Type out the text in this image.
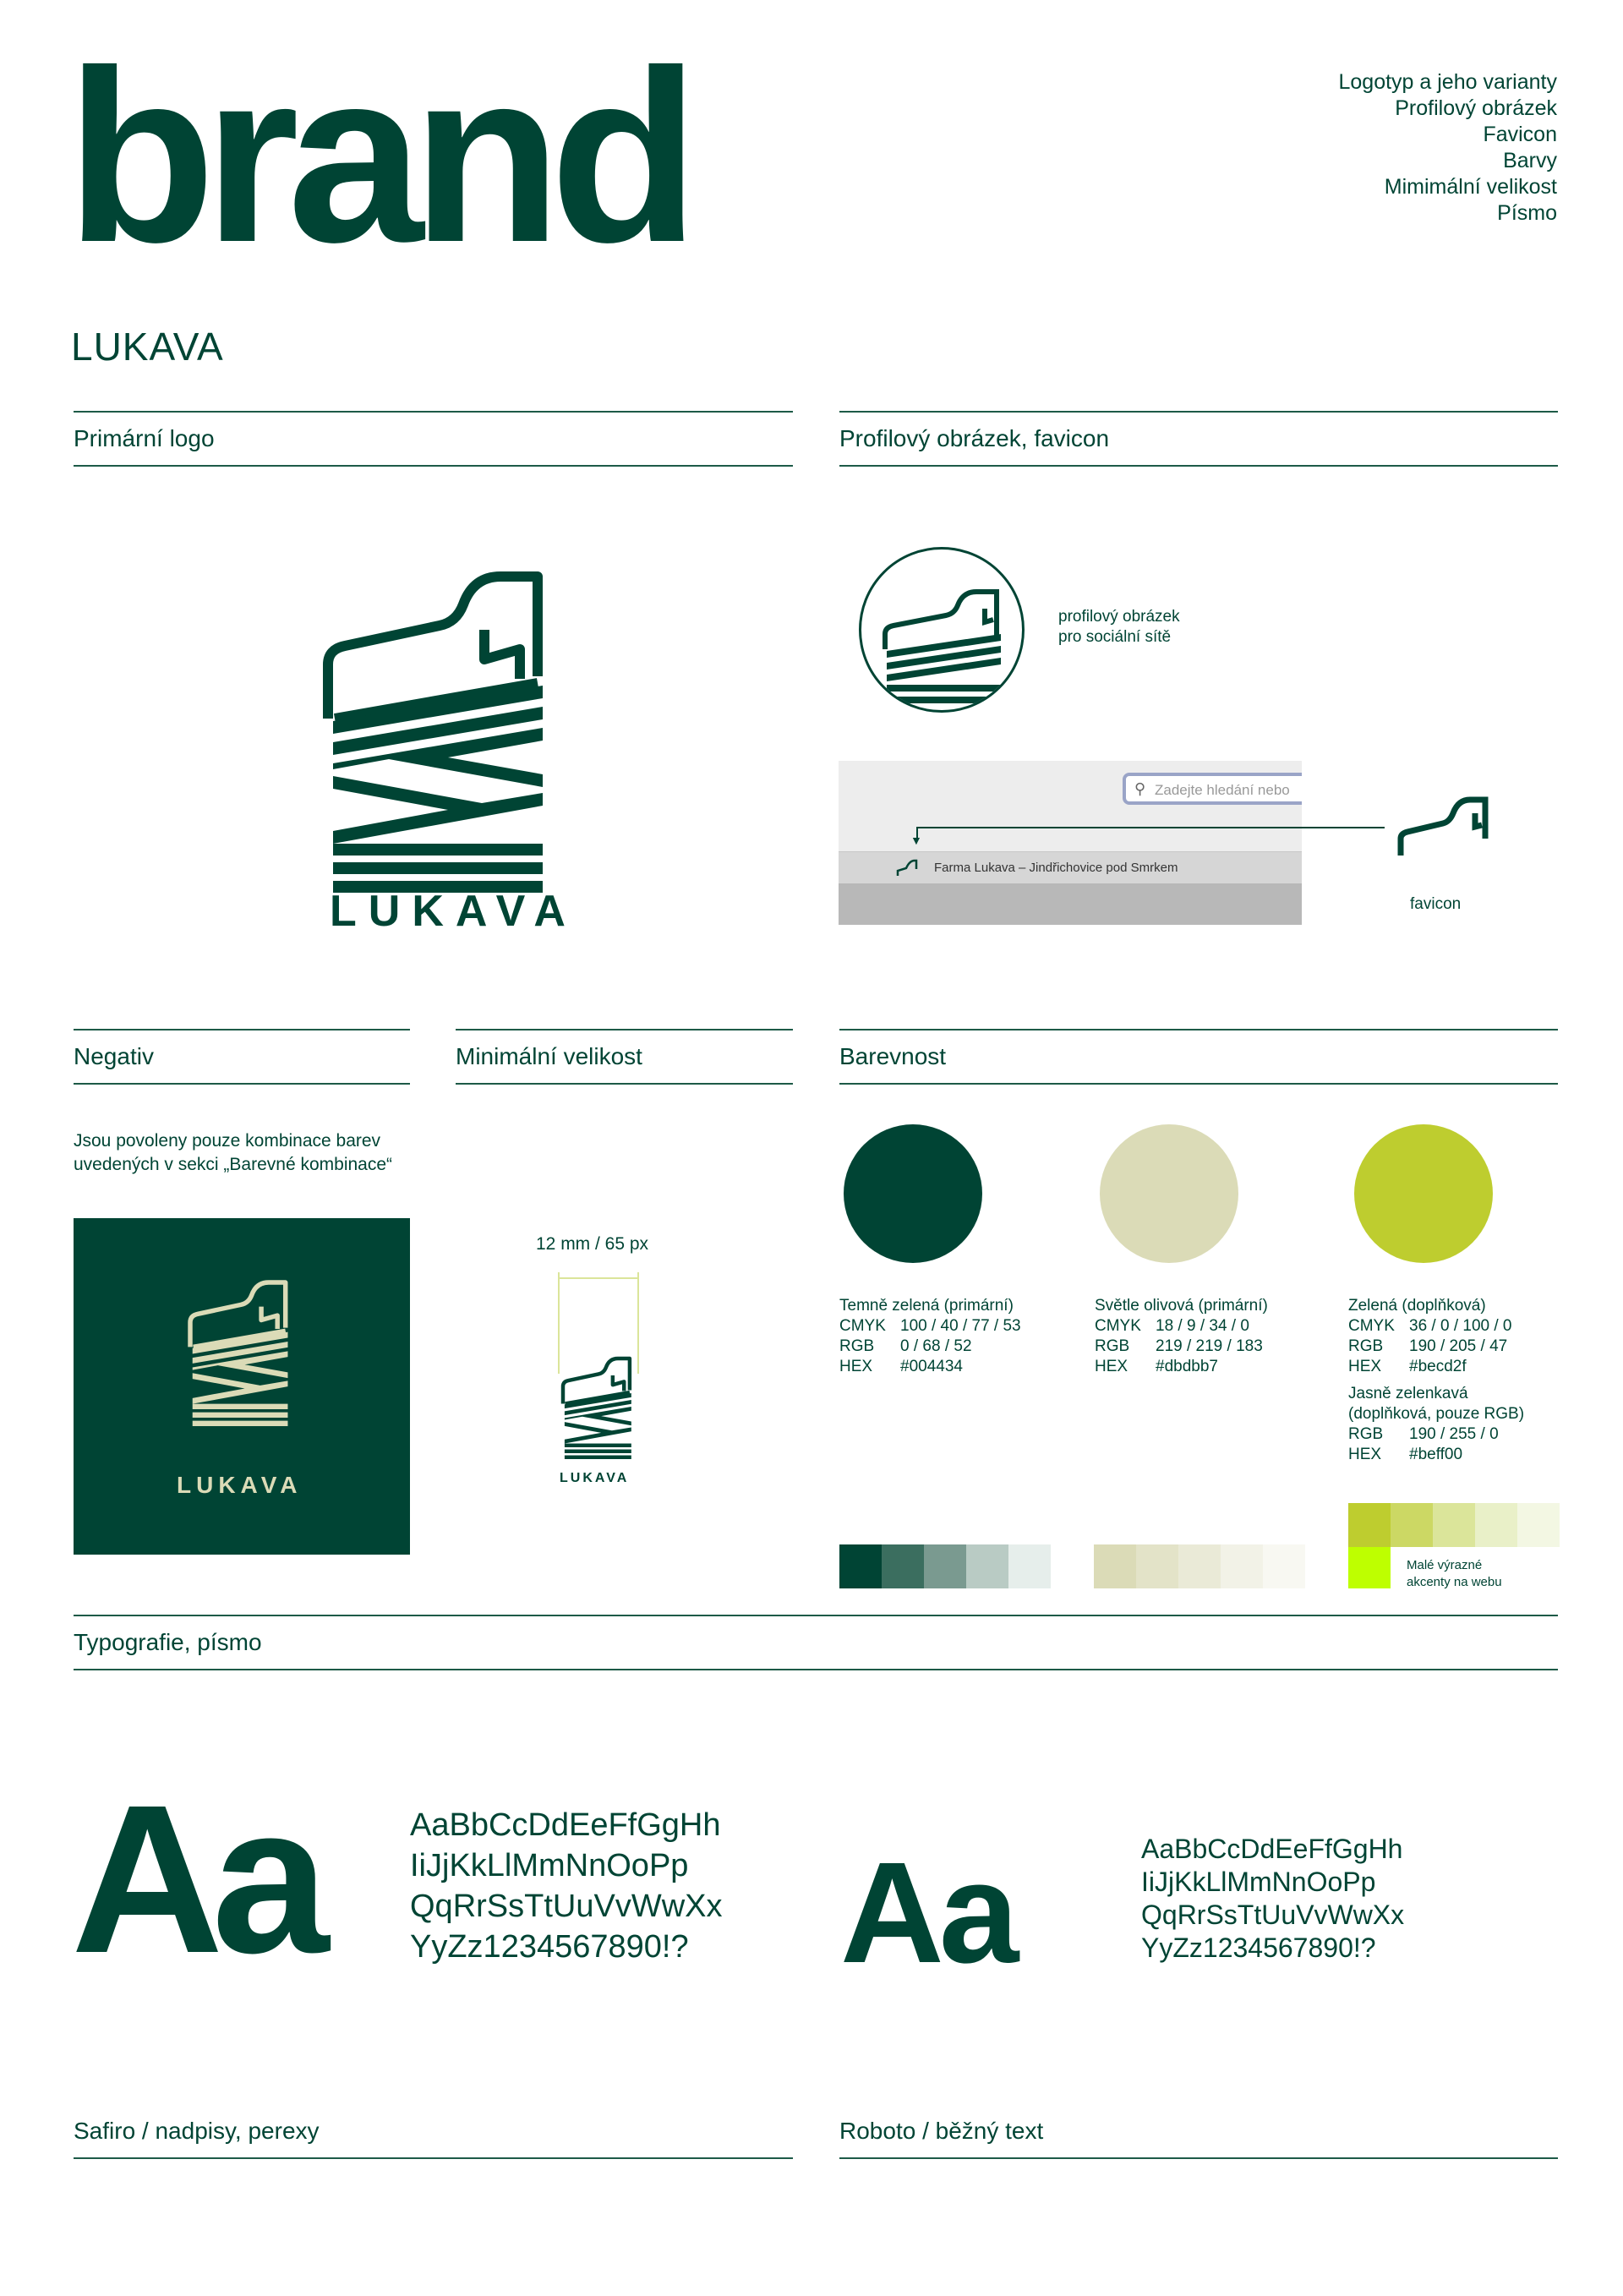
brand	Logotyp a jeho varianty
Profilový obrázek
Favicon
Barvy
Mimimální velikost
Písmo
LUKAVA
Primární logo
LUKAVA
Profilový obrázek, favicon
profilový obrázek
pro sociální sítě
⚲ Zadejte hledání nebo
Farma Lukava – Jindřichovice pod Smrkem
▼
favicon
Negativ
Jsou povoleny pouze kombinace barev
uvedených v sekci „Barevné kombinace“
LUKAVA
Minimální velikost
12 mm / 65 px
LUKAVA
Barevnost
Temně zelená (primární)
CMYK 100 / 40 / 77 / 53
RGB	0 / 68 / 52
HEX	#004434
Světle olivová (primární)
CMYK 18 / 9 / 34 / 0
RGB	219 / 219 / 183
HEX	#dbdbb7
Zelená (doplňková)
CMYK 36 / 0 / 100 / 0
RGB	190 / 205 / 47
HEX	#becd2f
Jasně zelenkavá
(doplňková, pouze RGB)
RGB	190 / 255 / 0
HEX	#beff00
Malé výrazné
akcenty na webu
Typografie, písmo
Aa	AaBbCcDdEeFfGgHh
IiJjKkLlMmNnOoPp
QqRrSsTtUuVvWwXx
YyZz1234567890!? Aa	AaBbCcDdEeFfGgHh
IiJjKkLlMmNnOoPp
QqRrSsTtUuVvWwXx
YyZz1234567890!?
Safiro / nadpisy, perexy	Roboto / běžný text
